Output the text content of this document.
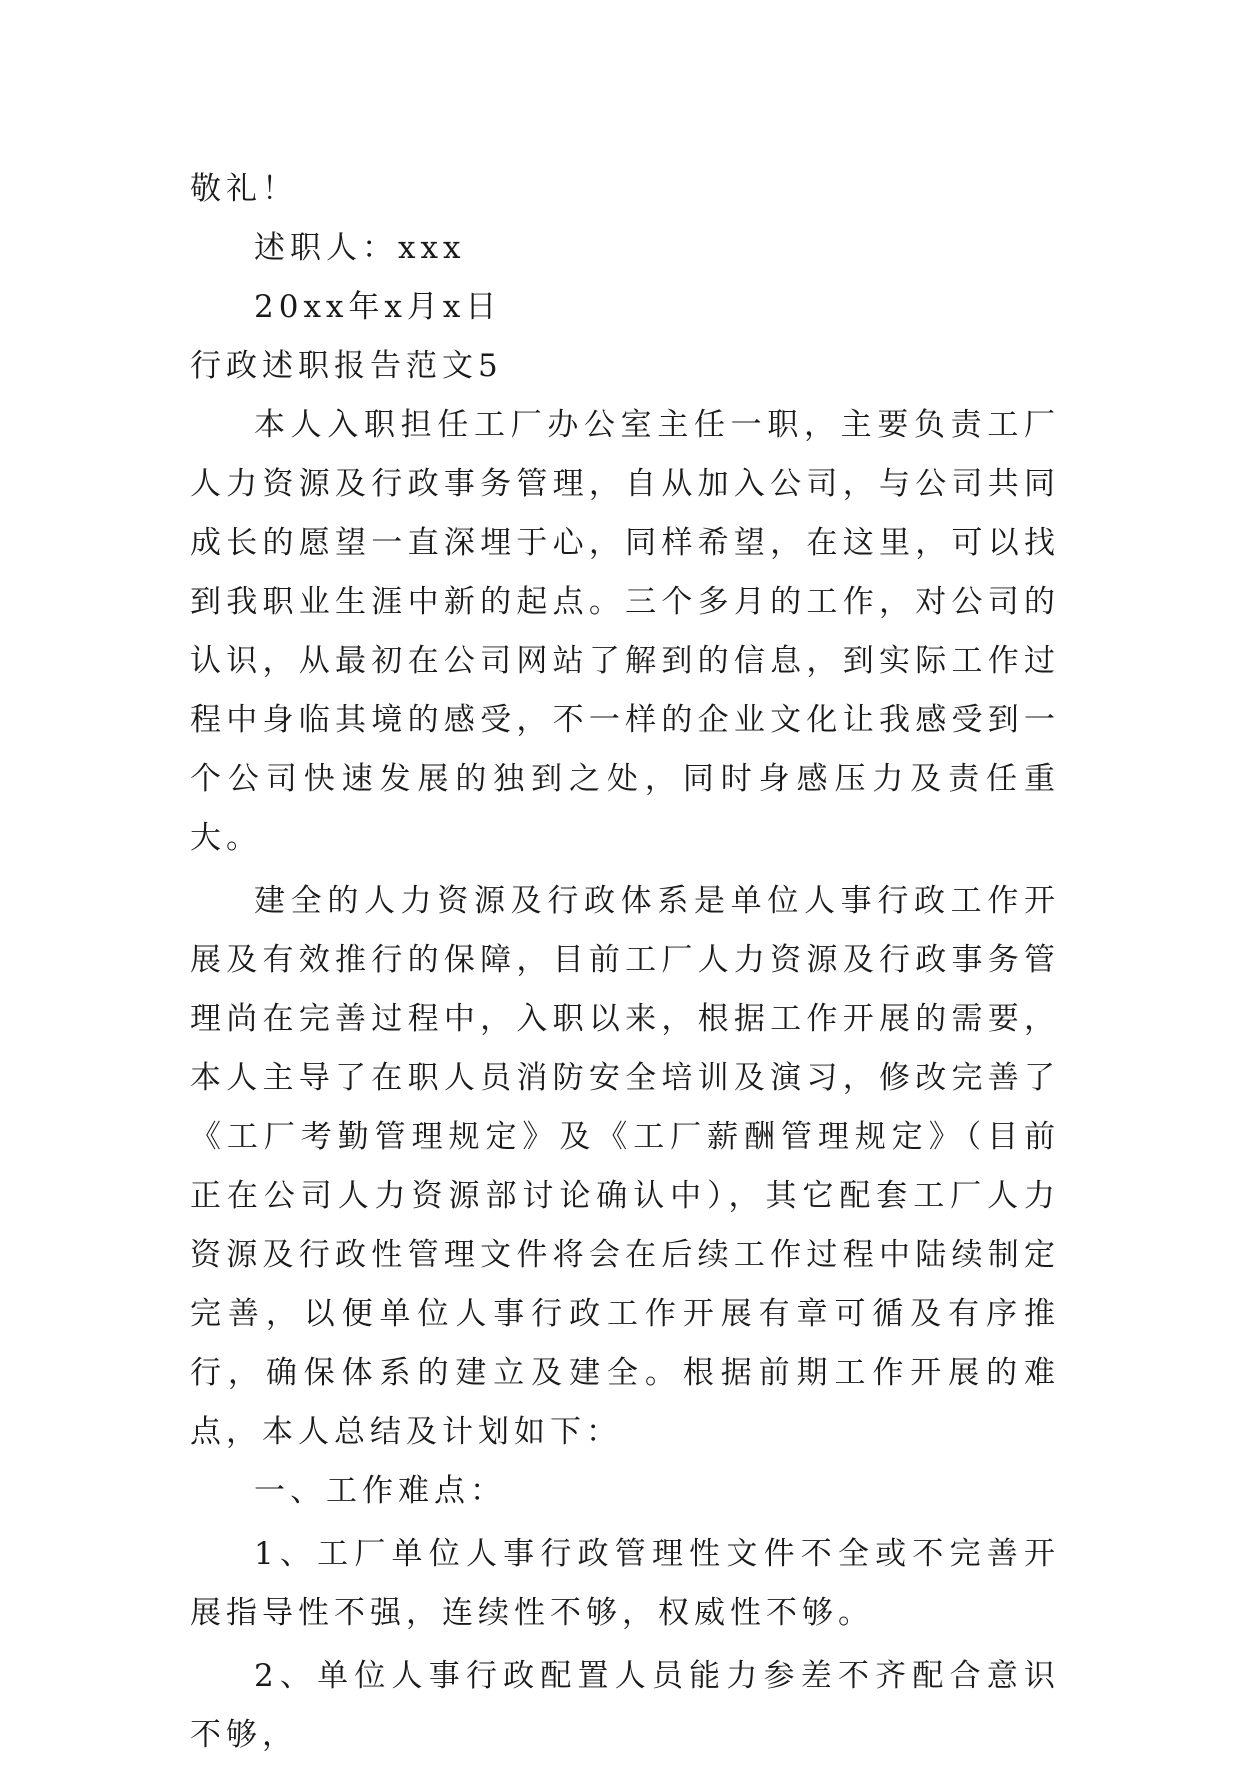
敬礼！

述职人：xxx

20xx年x月x日

行政述职报告范文5

本人入职担任工厂办公室主任一职，主要负责工厂人力资源及行政事务管理，自从加入公司，与公司共同成长的愿望一直深埋于心，同样希望，在这里，可以找到我职业生涯中新的起点。三个多月的工作，对公司的认识，从最初在公司网站了解到的信息，到实际工作过程中身临其境的感受，不一样的企业文化让我感受到一个公司快速发展的独到之处，同时身感压力及责任重大。

建全的人力资源及行政体系是单位人事行政工作开展及有效推行的保障，目前工厂人力资源及行政事务管理尚在完善过程中，入职以来，根据工作开展的需要，本人主导了在职人员消防安全培训及演习，修改完善了《工厂考勤管理规定》及《工厂薪酬管理规定》（目前正在公司人力资源部讨论确认中），其它配套工厂人力资源及行政性管理文件将会在后续工作过程中陆续制定完善，以便单位人事行政工作开展有章可循及有序推行，确保体系的建立及建全。根据前期工作开展的难点，本人总结及计划如下：

一、工作难点：

1、工厂单位人事行政管理性文件不全或不完善开展指导性不强，连续性不够，权威性不够。

2、单位人事行政配置人员能力参差不齐配合意识不够，
